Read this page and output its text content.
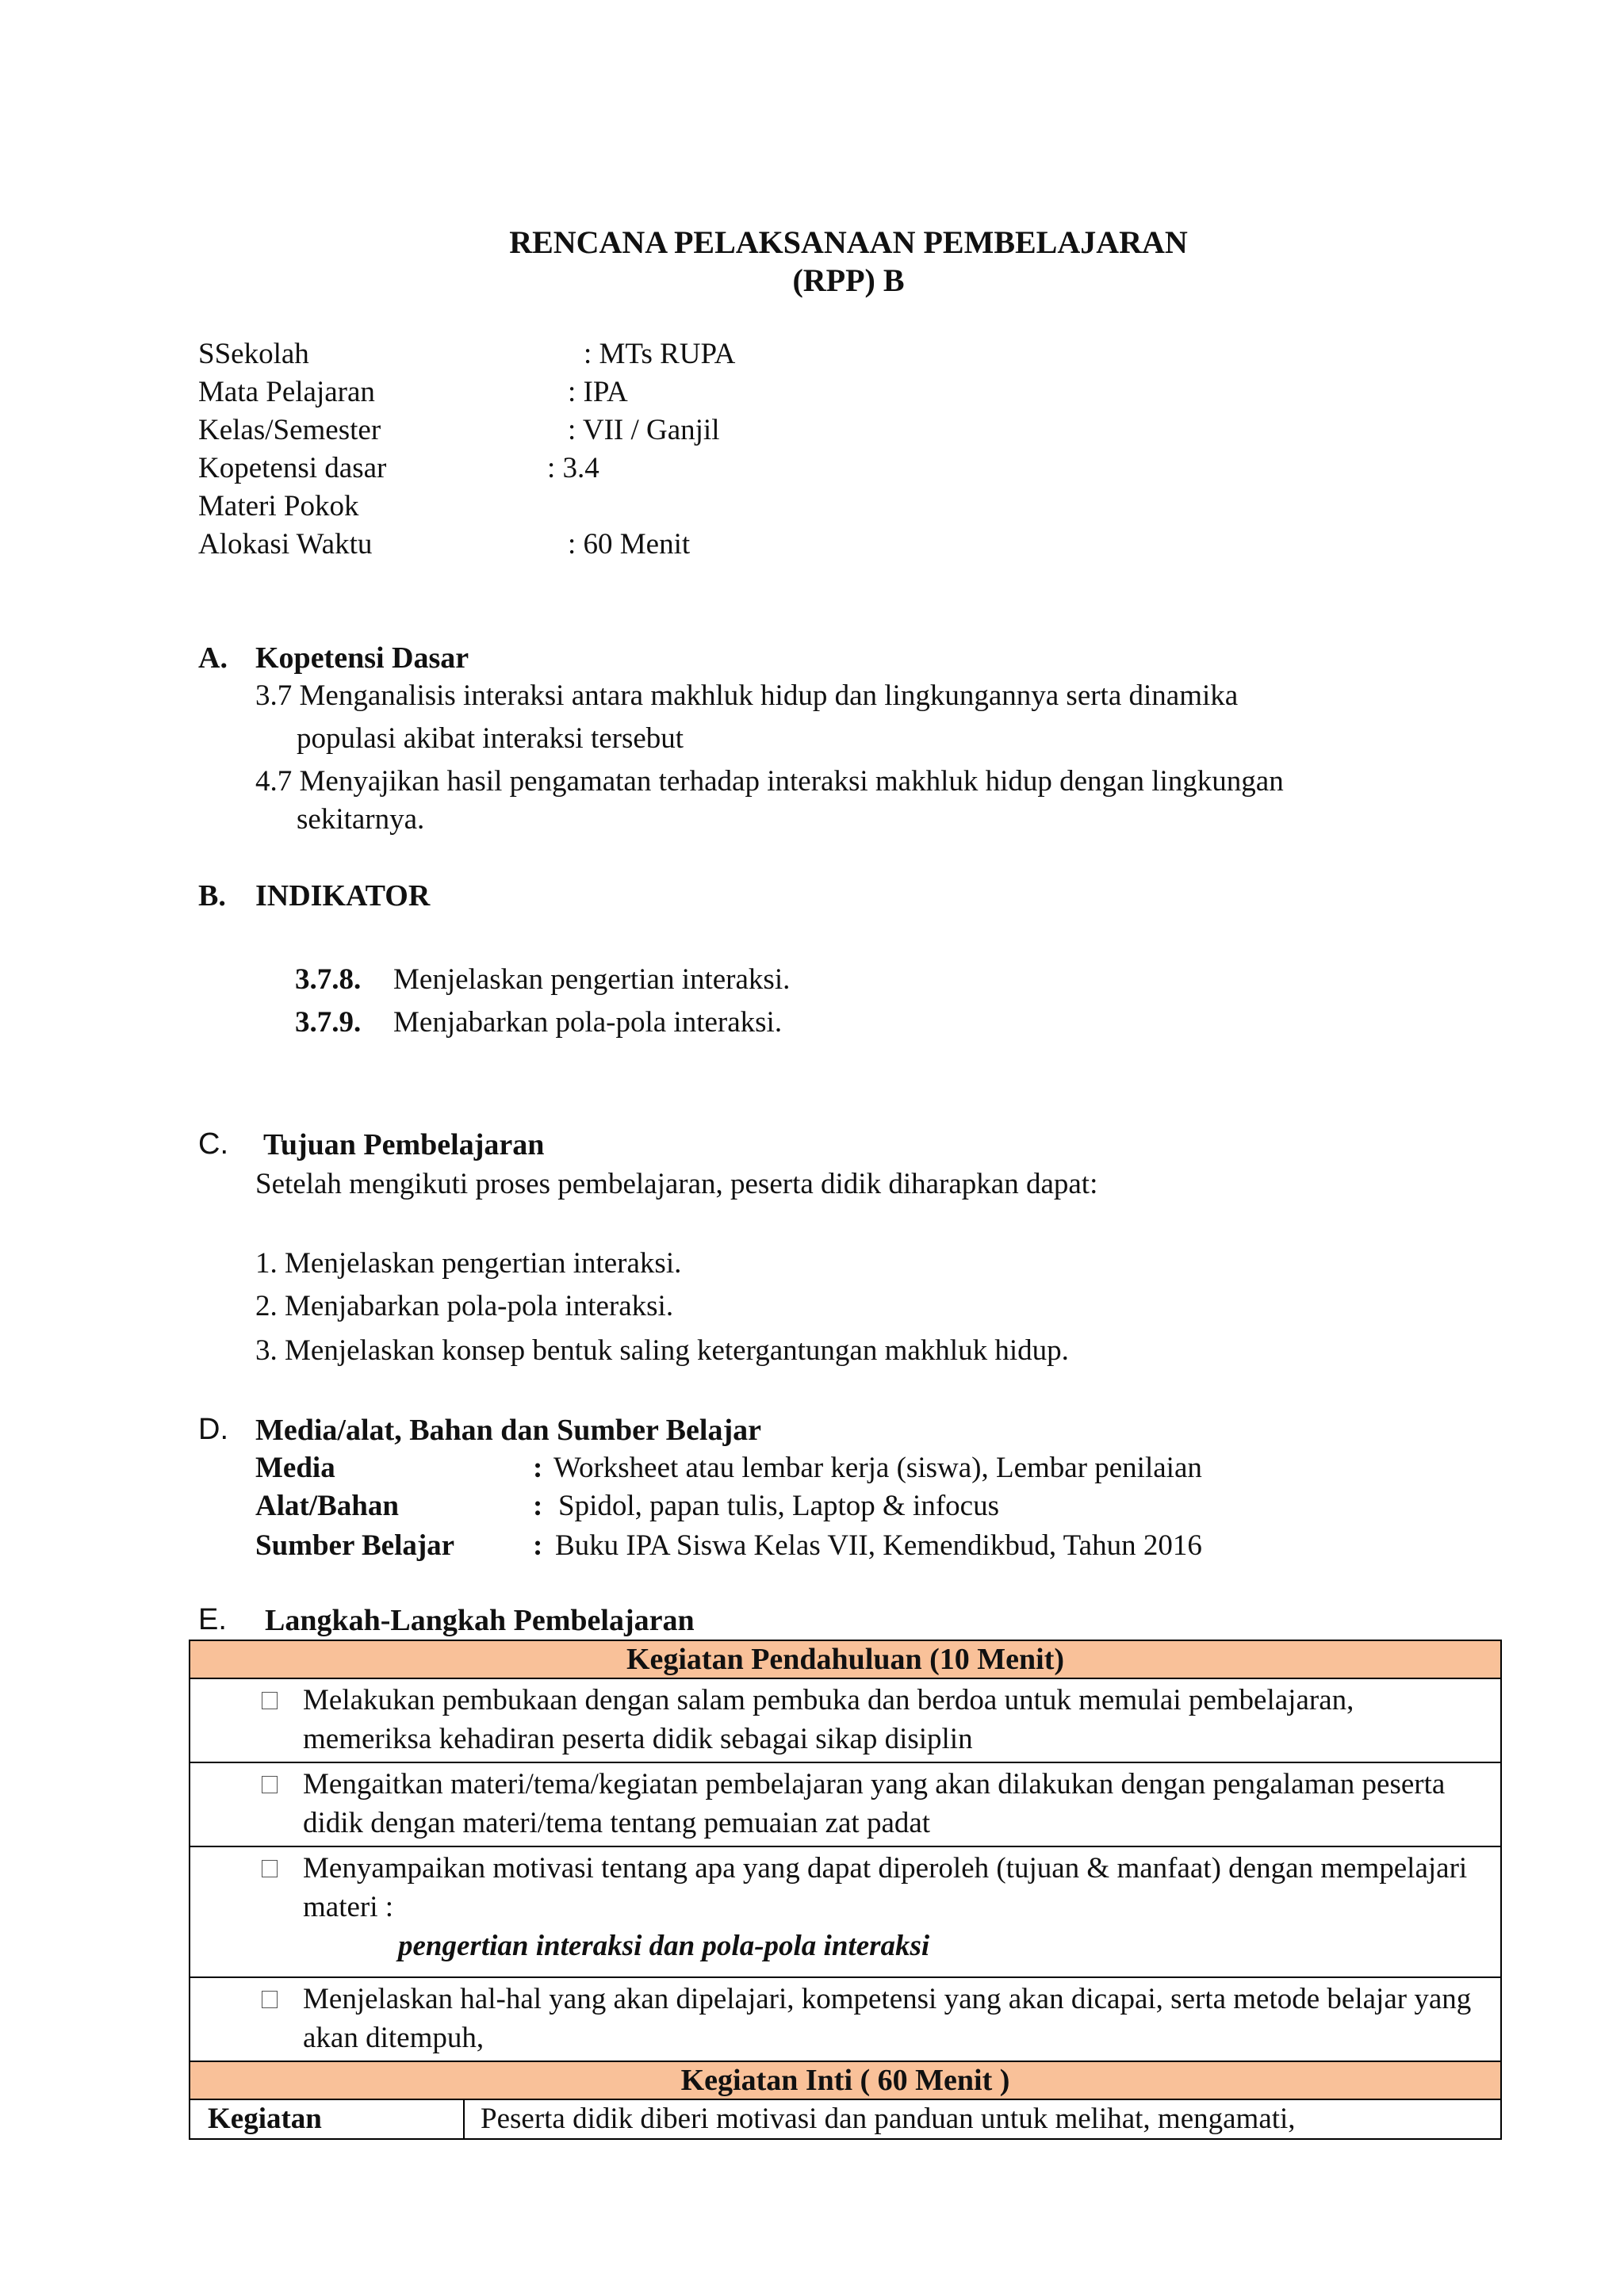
RENCANA PELAKSANAAN PEMBELAJARAN
(RPP) B
SSekolah	: MTs RUPA
Mata Pelajaran	: IPA
Kelas/Semester	: VII / Ganjil
Kopetensi dasar	: 3.4
Materi Pokok
Alokasi Waktu	: 60 Menit
A. Kopetensi Dasar
3.7 Menganalisis interaksi antara makhluk hidup dan lingkungannya serta dinamika
populasi akibat interaksi tersebut
4.7 Menyajikan hasil pengamatan terhadap interaksi makhluk hidup dengan lingkungan
sekitarnya.
B. INDIKATOR
3.7.8. Menjelaskan pengertian interaksi.
3.7.9. Menjabarkan pola-pola interaksi.
C. Tujuan Pembelajaran
Setelah mengikuti proses pembelajaran, peserta didik diharapkan dapat:
1. Menjelaskan pengertian interaksi.
2. Menjabarkan pola-pola interaksi.
3. Menjelaskan konsep bentuk saling ketergantungan makhluk hidup.
D. Media/alat, Bahan dan Sumber Belajar
Media	: Worksheet atau lembar kerja (siswa), Lembar penilaian
Alat/Bahan	: Spidol, papan tulis, Laptop & infocus
Sumber Belajar	: Buku IPA Siswa Kelas VII, Kemendikbud, Tahun 2016
E. Langkah-Langkah Pembelajaran
Kegiatan Pendahuluan (10 Menit)

Melakukan pembukaan dengan salam pembuka dan berdoa untuk memulai pembelajaran, memeriksa kehadiran peserta didik sebagai sikap disiplin

Mengaitkan materi/tema/kegiatan pembelajaran yang akan dilakukan dengan pengalaman peserta didik dengan materi/tema tentang pemuaian zat padat

Menyampaikan motivasi tentang apa yang dapat diperoleh (tujuan & manfaat) dengan mempelajari materi :
pengertian interaksi dan pola-pola interaksi

Menjelaskan hal-hal yang akan dipelajari, kompetensi yang akan dicapai, serta metode belajar yang akan ditempuh,

Kegiatan Inti ( 60 Menit )
Kegiatan	Peserta didik diberi motivasi dan panduan untuk melihat, mengamati,
